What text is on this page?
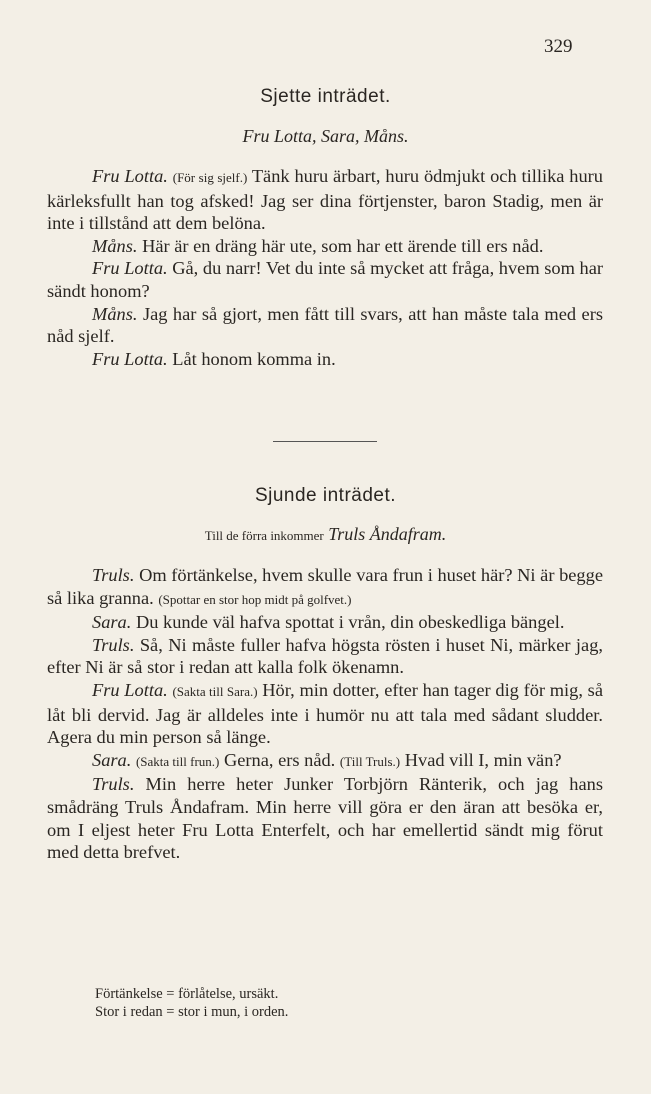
329
Sjette inträdet.
Fru Lotta, Sara, Måns.

Fru Lotta. (För sig sjelf.) Tänk huru ärbart, huru ödmjukt och tillika huru kärleksfullt han tog afsked! Jag ser dina förtjenster, baron Stadig, men är inte i tillstånd att dem belöna.

Måns. Här är en dräng här ute, som har ett ärende till ers nåd.

Fru Lotta. Gå, du narr! Vet du inte så mycket att fråga, hvem som har sändt honom?

Måns. Jag har så gjort, men fått till svars, att han måste tala med ers nåd sjelf.

Fru Lotta. Låt honom komma in.

Sjunde inträdet.
Till de förra inkommer Truls Åndafram.

Truls. Om förtänkelse, hvem skulle vara frun i huset här? Ni är begge så lika granna. (Spottar en stor hop midt på golfvet.)

Sara. Du kunde väl hafva spottat i vrån, din obeskedliga bängel.

Truls. Så, Ni måste fuller hafva högsta rösten i huset Ni, märker jag, efter Ni är så stor i redan att kalla folk ökenamn.

Fru Lotta. (Sakta till Sara.) Hör, min dotter, efter han tager dig för mig, så låt bli dervid. Jag är alldeles inte i humör nu att tala med sådant sludder. Agera du min person så länge.

Sara. (Sakta till frun.) Gerna, ers nåd. (Till Truls.) Hvad vill I, min vän?

Truls. Min herre heter Junker Torbjörn Ränterik, och jag hans smådräng Truls Åndafram. Min herre vill göra er den äran att besöka er, om I eljest heter Fru Lotta Enterfelt, och har emellertid sändt mig förut med detta brefvet.

Förtänkelse = förlåtelse, ursäkt.
Stor i redan = stor i mun, i orden.
